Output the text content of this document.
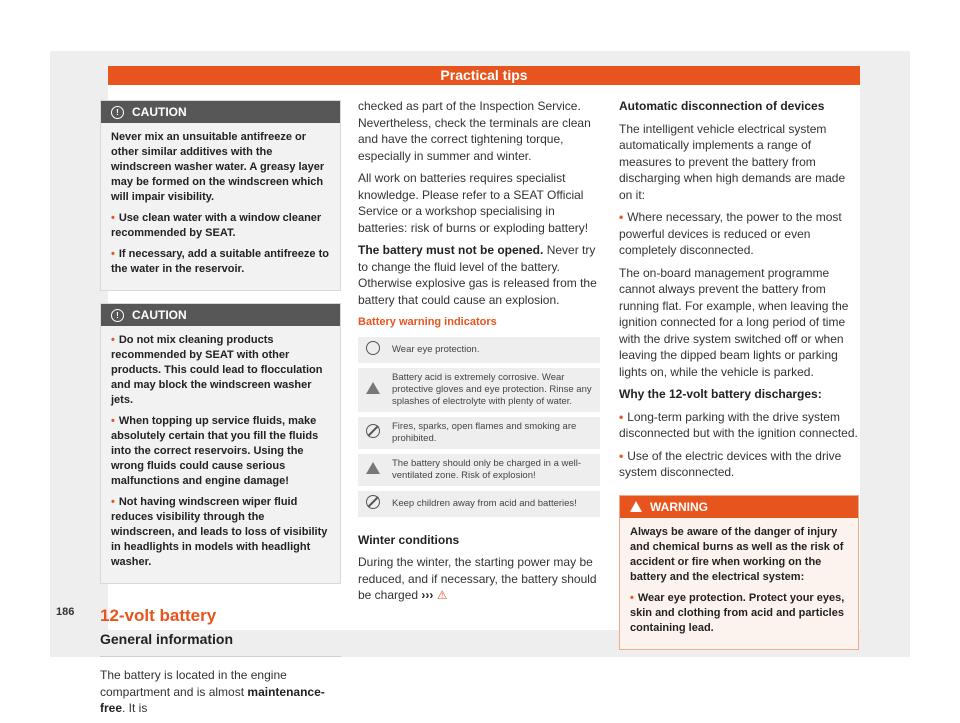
Practical tips
!	CAUTION

Never mix an unsuitable antifreeze or other similar additives with the windscreen washer water. A greasy layer may be formed on the windscreen which will impair visibility.

• Use clean water with a window cleaner recommended by SEAT.

• If necessary, add a suitable antifreeze to the water in the reservoir.

!	CAUTION

• Do not mix cleaning products recommended by SEAT with other products. This could lead to flocculation and may block the windscreen washer jets.

• When topping up service fluids, make absolutely certain that you fill the fluids into the correct reservoirs. Using the wrong fluids could cause serious malfunctions and engine damage!

• Not having windscreen wiper fluid reduces visibility through the windscreen, and leads to loss of visibility in headlights in models with headlight washer.

12-volt battery
General information

The battery is located in the engine compartment and is almost maintenance-free. It is

186

checked as part of the Inspection Service. Nevertheless, check the terminals are clean and have the correct tightening torque, especially in summer and winter.

All work on batteries requires specialist knowledge. Please refer to a SEAT Official Service or a workshop specialising in batteries: risk of burns or exploding battery!

The battery must not be opened. Never try to change the fluid level of the battery. Otherwise explosive gas is released from the battery that could cause an explosion.

Battery warning indicators
	Wear eye protection.
	Battery acid is extremely corrosive. Wear protective gloves and eye protection. Rinse any splashes of electrolyte with plenty of water.
	Fires, sparks, open flames and smoking are prohibited.
	The battery should only be charged in a well-ventilated zone. Risk of explosion!
	Keep children away from acid and batteries!

Winter conditions

During the winter, the starting power may be reduced, and if necessary, the battery should be charged ››› ⚠

Automatic disconnection of devices

The intelligent vehicle electrical system automatically implements a range of measures to prevent the battery from discharging when high demands are made on it:

• Where necessary, the power to the most powerful devices is reduced or even completely disconnected.

The on-board management programme cannot always prevent the battery from running flat. For example, when leaving the ignition connected for a long period of time with the drive system switched off or when leaving the dipped beam lights or parking lights on, while the vehicle is parked.

Why the 12-volt battery discharges:

• Long-term parking with the drive system disconnected but with the ignition connected.

• Use of the electric devices with the drive system disconnected.

WARNING

Always be aware of the danger of injury and chemical burns as well as the risk of accident or fire when working on the battery and the electrical system:

• Wear eye protection. Protect your eyes, skin and clothing from acid and particles containing lead.
